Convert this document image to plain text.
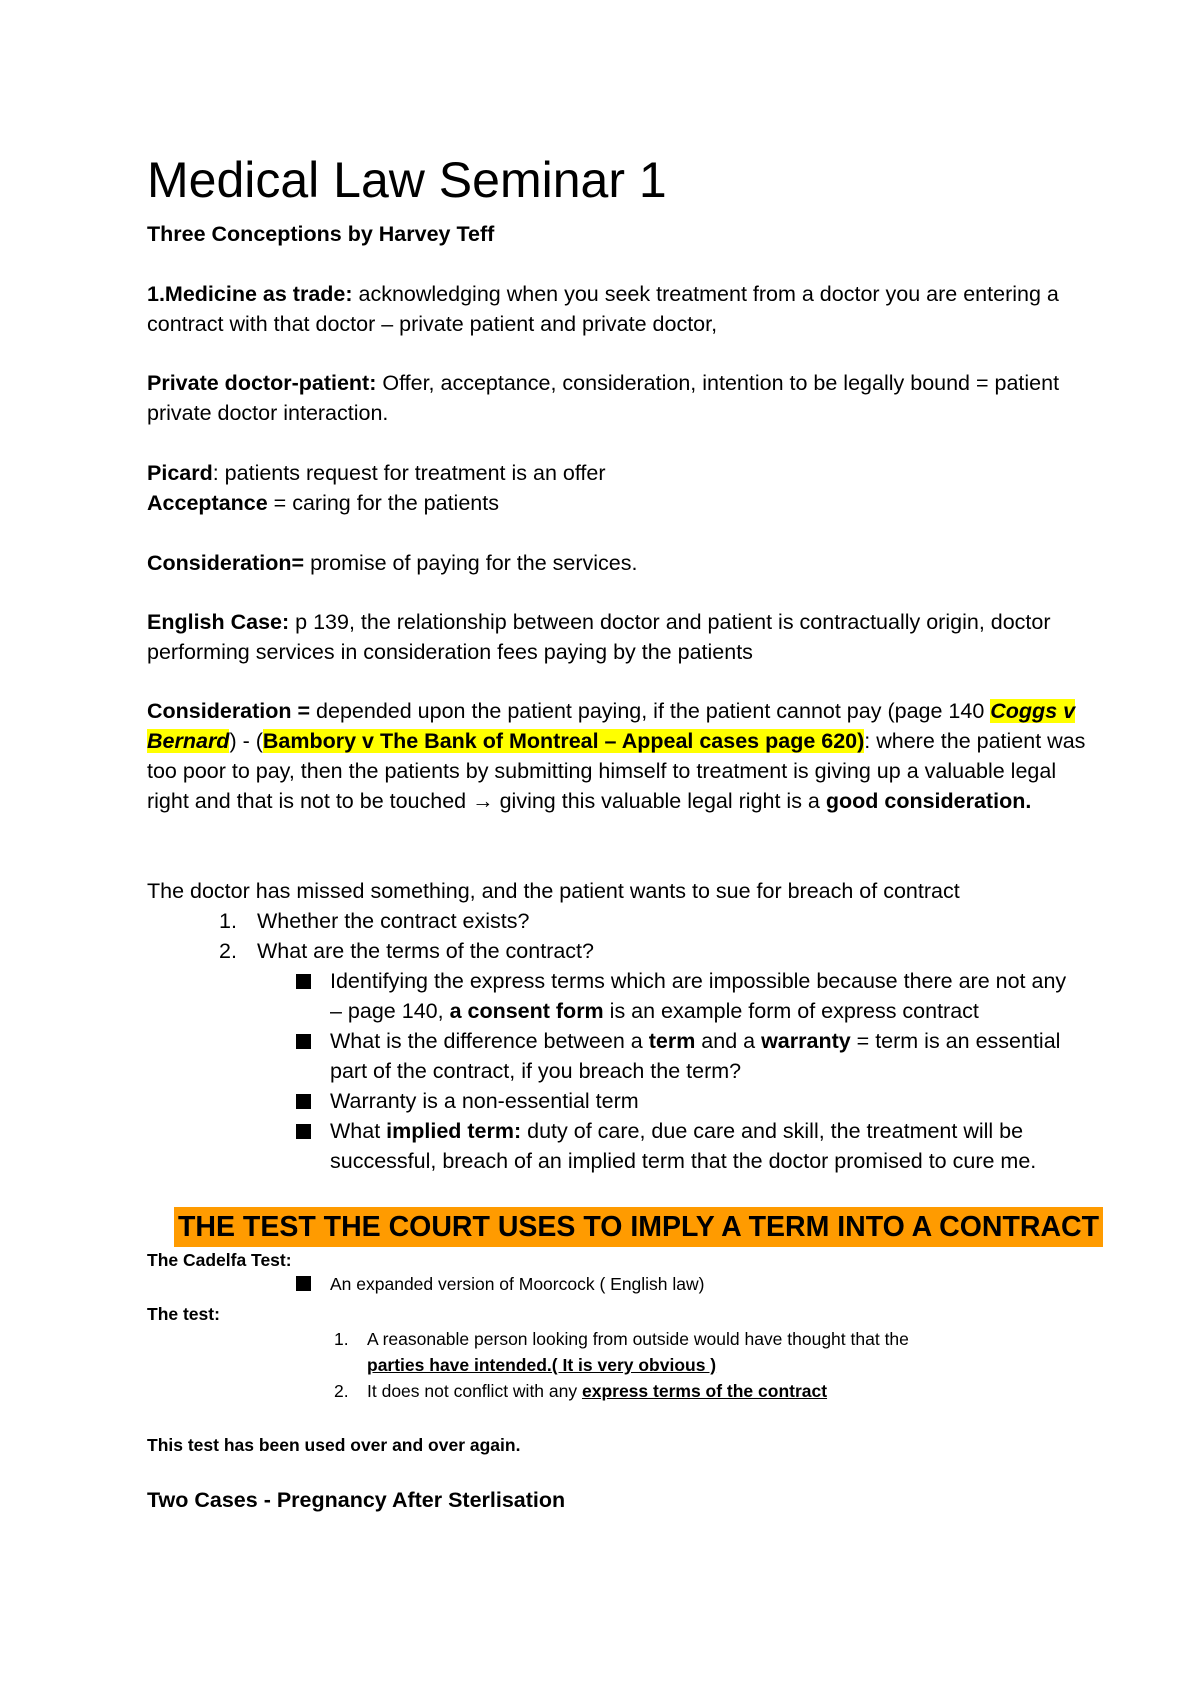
Medical Law Seminar 1
Three Conceptions by Harvey Teff

1.Medicine as trade: acknowledging when you seek treatment from a doctor you are entering a contract with that doctor – private patient and private doctor,

Private doctor-patient: Offer, acceptance, consideration, intention to be legally bound = patient private doctor interaction.

Picard: patients request for treatment is an offer

Acceptance = caring for the patients

Consideration= promise of paying for the services.

English Case: p 139, the relationship between doctor and patient is contractually origin, doctor performing services in consideration fees paying by the patients

Consideration = depended upon the patient paying, if the patient cannot pay (page 140 Coggs v Bernard) - (Bambory v The Bank of Montreal – Appeal cases page 620): where the patient was too poor to pay, then the patients by submitting himself to treatment is giving up a valuable legal right and that is not to be touched → giving this valuable legal right is a good consideration.

The doctor has missed something, and the patient wants to sue for breach of contract

1. Whether the contract exists?
2. What are the terms of the contract?
Identifying the express terms which are impossible because there are not any – page 140, a consent form is an example form of express contract
What is the difference between a term and a warranty = term is an essential part of the contract, if you breach the term?
Warranty is a non-essential term
What implied term: duty of care, due care and skill, the treatment will be successful, breach of an implied term that the doctor promised to cure me.
THE TEST THE COURT USES TO IMPLY A TERM INTO A CONTRACT
The Cadelfa Test:
An expanded version of Moorcock ( English law)
The test:
1. A reasonable person looking from outside would have thought that the
parties have intended.( It is very obvious )
2. It does not conflict with any express terms of the contract
This test has been used over and over again.
Two Cases - Pregnancy After Sterlisation
